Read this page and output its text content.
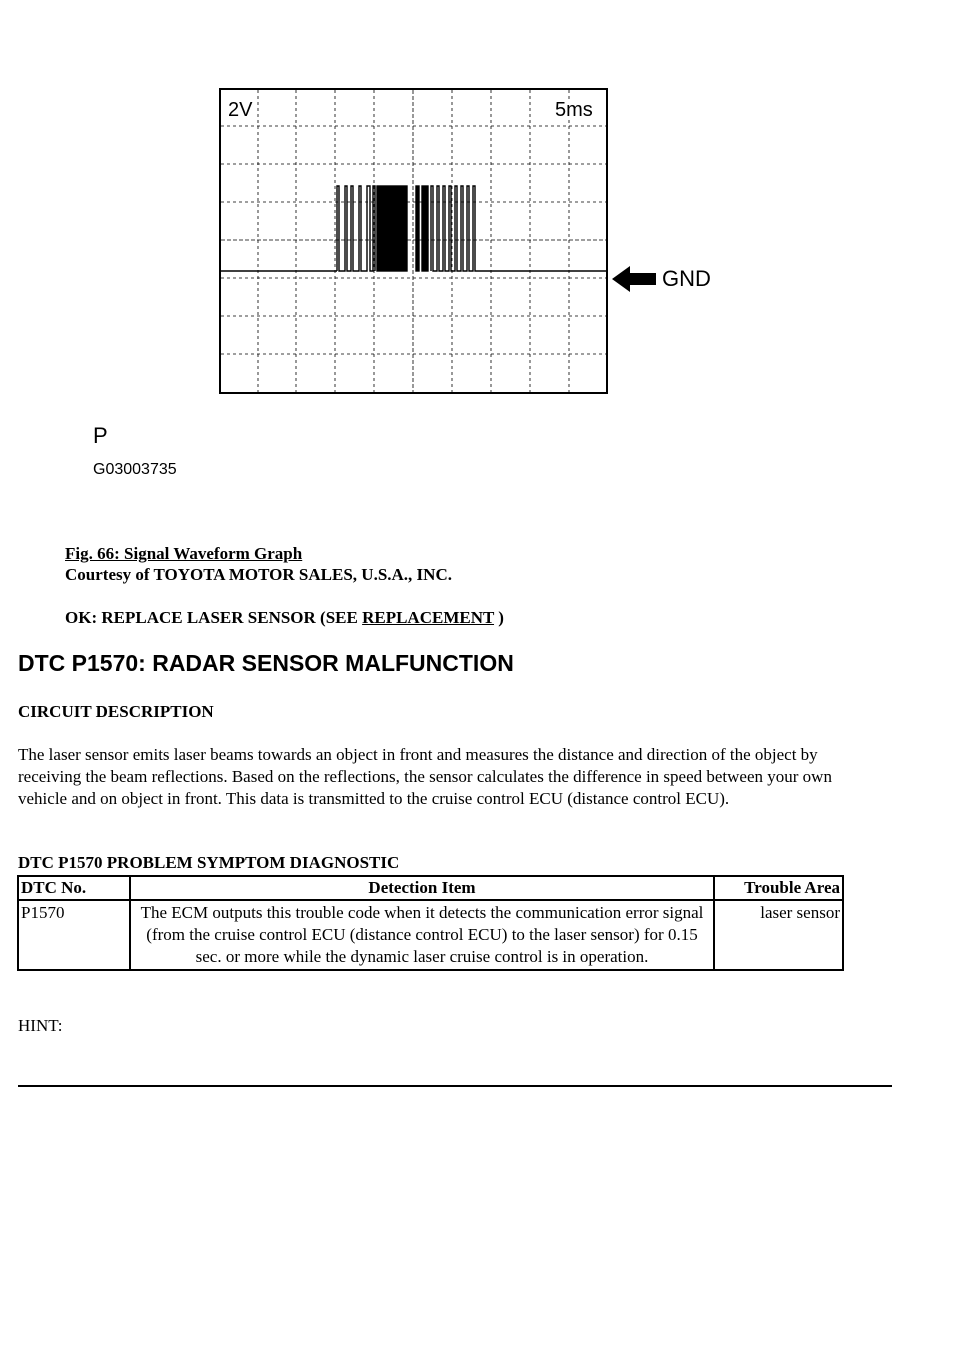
2V	5ms
GND
P
G03003735
Fig. 66: Signal Waveform Graph
Courtesy of TOYOTA MOTOR SALES, U.S.A., INC.
OK: REPLACE LASER SENSOR (SEE REPLACEMENT )
DTC P1570: RADAR SENSOR MALFUNCTION
CIRCUIT DESCRIPTION
The laser sensor emits laser beams towards an object in front and measures the distance and direction of the object by receiving the beam reflections. Based on the reflections, the sensor calculates the difference in speed between your own vehicle and on object in front. This data is transmitted to the cruise control ECU (distance control ECU).
DTC P1570 PROBLEM SYMPTOM DIAGNOSTIC
DTC No.	Detection Item	Trouble Area
P1570	The ECM outputs this trouble code when it detects the communication error signal (from the cruise control ECU (distance control ECU) to the laser sensor) for 0.15 sec. or more while the dynamic laser cruise control is in operation.	laser sensor
HINT:
